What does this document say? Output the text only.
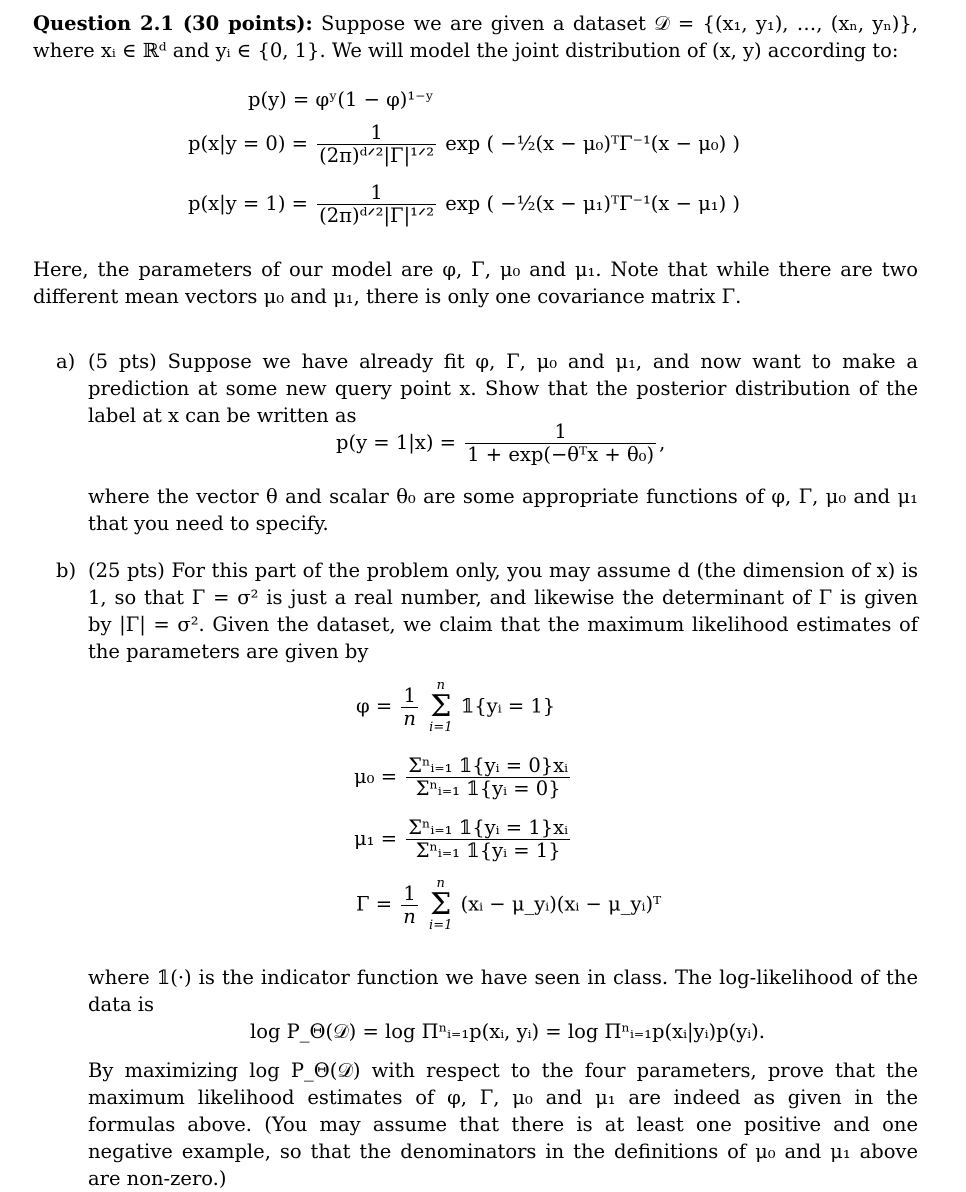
Question 2.1 (30 points): Suppose we are given a dataset 𝒟 = {(x₁, y₁), …, (xₙ, yₙ)}, where xᵢ ∈ ℝᵈ and yᵢ ∈ {0, 1}. We will model the joint distribution of (x, y) according to:

p(y) = φʸ(1 − φ)¹⁻ʸ
$p(x|y = 0) = \frac{1}{\text{(2π)ᵈᐟ²|Γ|¹ᐟ²}}$ exp ( −½(x − μ₀)ᵀΓ⁻¹(x − μ₀) )
$p(x|y = 1) = \frac{1}{\text{(2π)ᵈᐟ²|Γ|¹ᐟ²}}$ exp ( −½(x − μ₁)ᵀΓ⁻¹(x − μ₁) )

Here, the parameters of our model are φ, Γ, μ₀ and μ₁. Note that while there are two different mean vectors μ₀ and μ₁, there is only one covariance matrix Γ.

a) (5 pts) Suppose we have already fit φ, Γ, μ₀ and μ₁, and now want to make a prediction at some new query point x. Show that the posterior distribution of the label at x can be written as

$p(y = 1|x) = \frac{1}{\text{1 + exp(−θᵀx + θ₀)}}$ ,

where the vector θ and scalar θ₀ are some appropriate functions of φ, Γ, μ₀ and μ₁ that you need to specify.

b) (25 pts) For this part of the problem only, you may assume d (the dimension of x) is 1, so that Γ = σ² is just a real number, and likewise the determinant of Γ is given by |Γ| = σ². Given the dataset, we claim that the maximum likelihood estimates of the parameters are given by

$\varphi = \frac{1}{n}$
	n
Σ
i=1
𝟙{yᵢ = 1}
$\mu_0 = \frac{\text{Σⁿᵢ₌₁ 𝟙\{yᵢ = 0\}xᵢ}}{\text{Σⁿᵢ₌₁ 𝟙\{yᵢ = 0\}}}$
$\mu_1 = \frac{\text{Σⁿᵢ₌₁ 𝟙\{yᵢ = 1\}xᵢ}}{\text{Σⁿᵢ₌₁ 𝟙\{yᵢ = 1\}}}$
$\Gamma = \frac{1}{n}$
	n
Σ
i=1
(xᵢ − μ_yᵢ)(xᵢ − μ_yᵢ)ᵀ

where 𝟙(·) is the indicator function we have seen in class. The log-likelihood of the data is

log P_Θ(𝒟) = log Πⁿᵢ₌₁p(xᵢ, yᵢ) = log Πⁿᵢ₌₁p(xᵢ|yᵢ)p(yᵢ).

By maximizing log P_Θ(𝒟) with respect to the four parameters, prove that the maximum likelihood estimates of φ, Γ, μ₀ and μ₁ are indeed as given in the formulas above. (You may assume that there is at least one positive and one negative example, so that the denominators in the definitions of μ₀ and μ₁ above are non-zero.)
